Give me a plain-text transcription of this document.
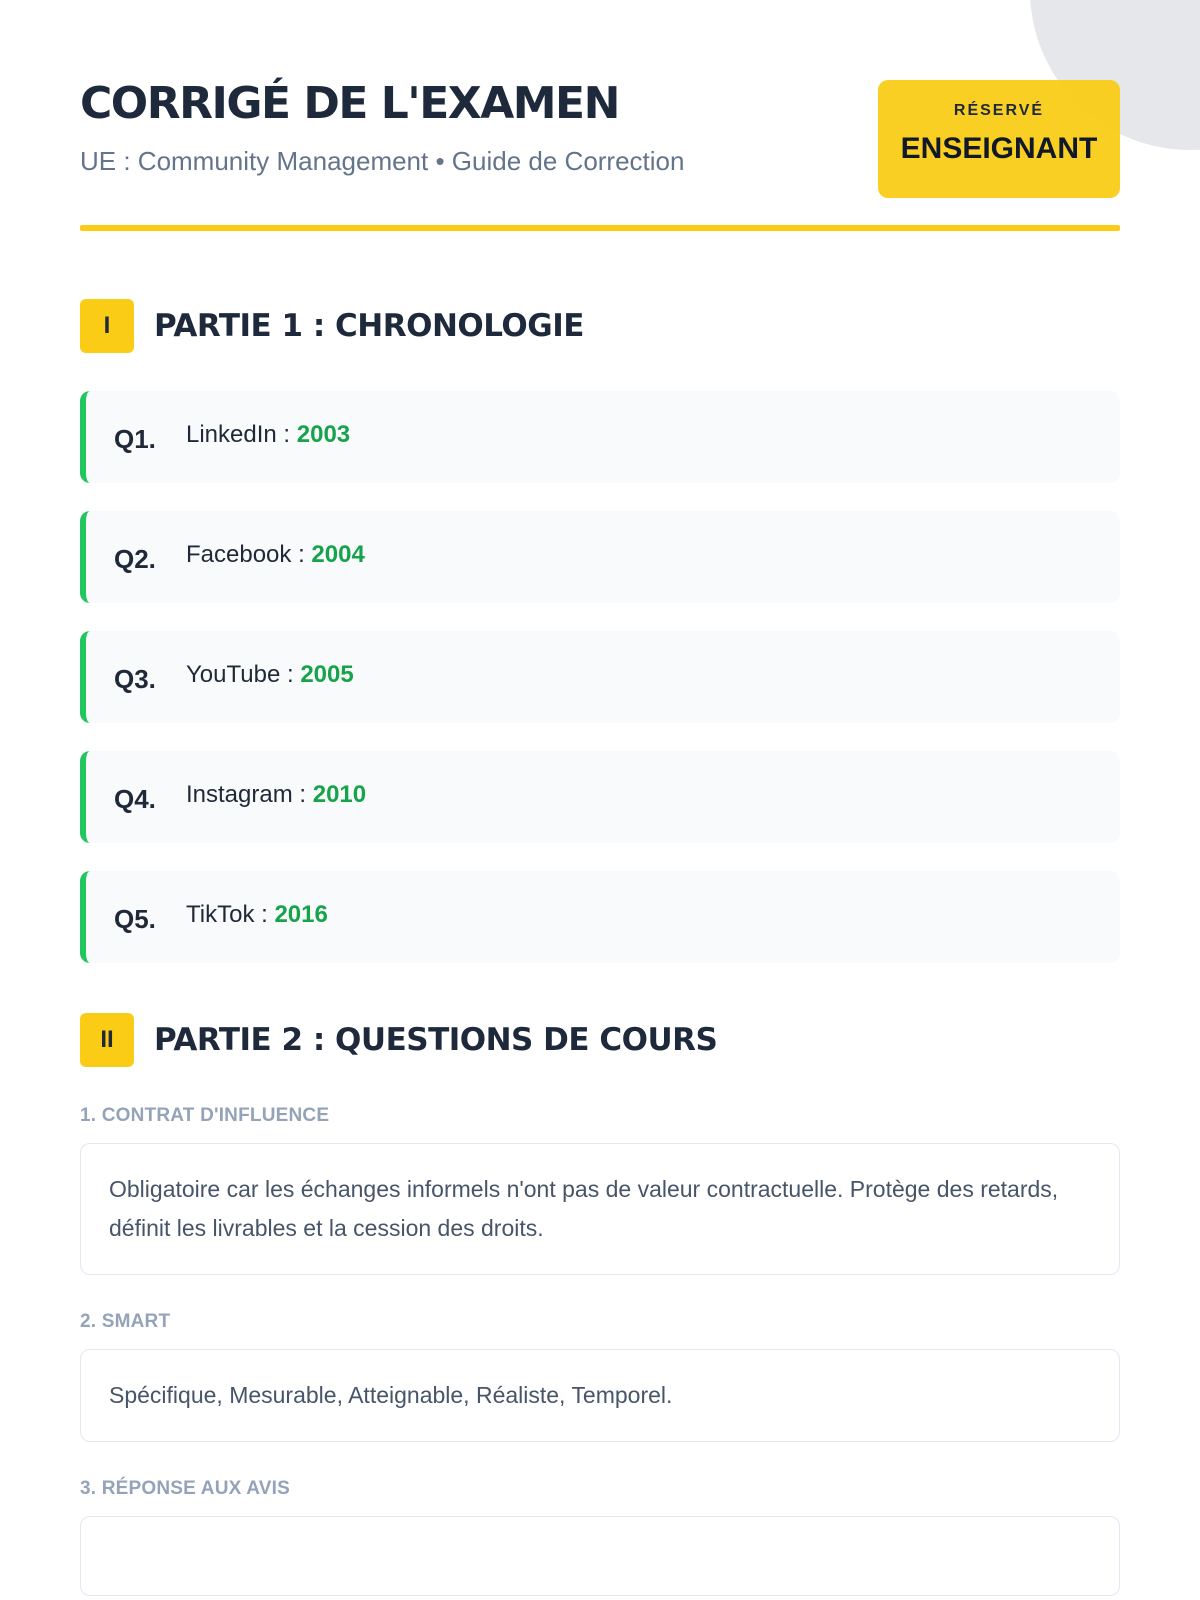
CORRIGÉ DE L'EXAMEN

UE : Community Management • Guide de Correction

RÉSERVÉ
ENSEIGNANT
I	PARTIE 1 : CHRONOLOGIE
Q1.	LinkedIn : 2003
Q2.	Facebook : 2004
Q3.	YouTube : 2005
Q4.	Instagram : 2010
Q5.	TikTok : 2016
II	PARTIE 2 : QUESTIONS DE COURS

1. CONTRAT D'INFLUENCE

Obligatoire car les échanges informels n'ont pas de valeur contractuelle. Protège des retards, définit les livrables et la cession des droits.

2. SMART

Spécifique, Mesurable, Atteignable, Réaliste, Temporel.

3. RÉPONSE AUX AVIS
